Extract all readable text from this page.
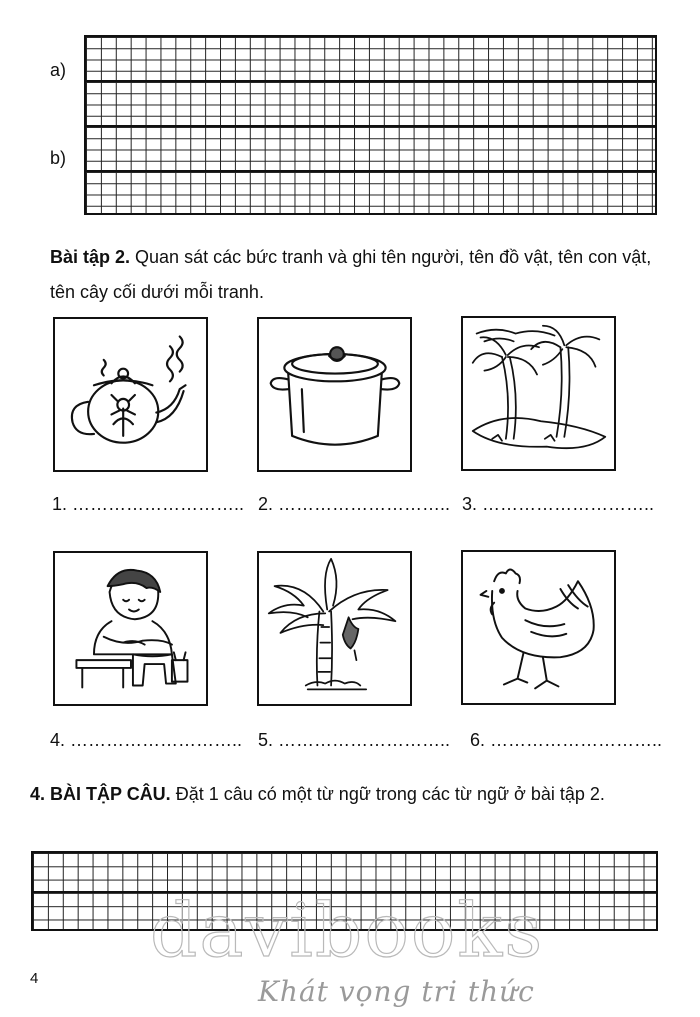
a)
b)

Bài tập 2. Quan sát các bức tranh và ghi tên người, tên đồ vật, tên con vật, tên cây cối dưới mỗi tranh.

1. ……………………….. 2. ……………………….. 3. ………………………..
4. ……………………….. 5. ……………………….. 6. ………………………..

4. BÀI TẬP CÂU. Đặt 1 câu có một từ ngữ trong các từ ngữ ở bài tập 2.

davibooks
Khát vọng tri thức
4
